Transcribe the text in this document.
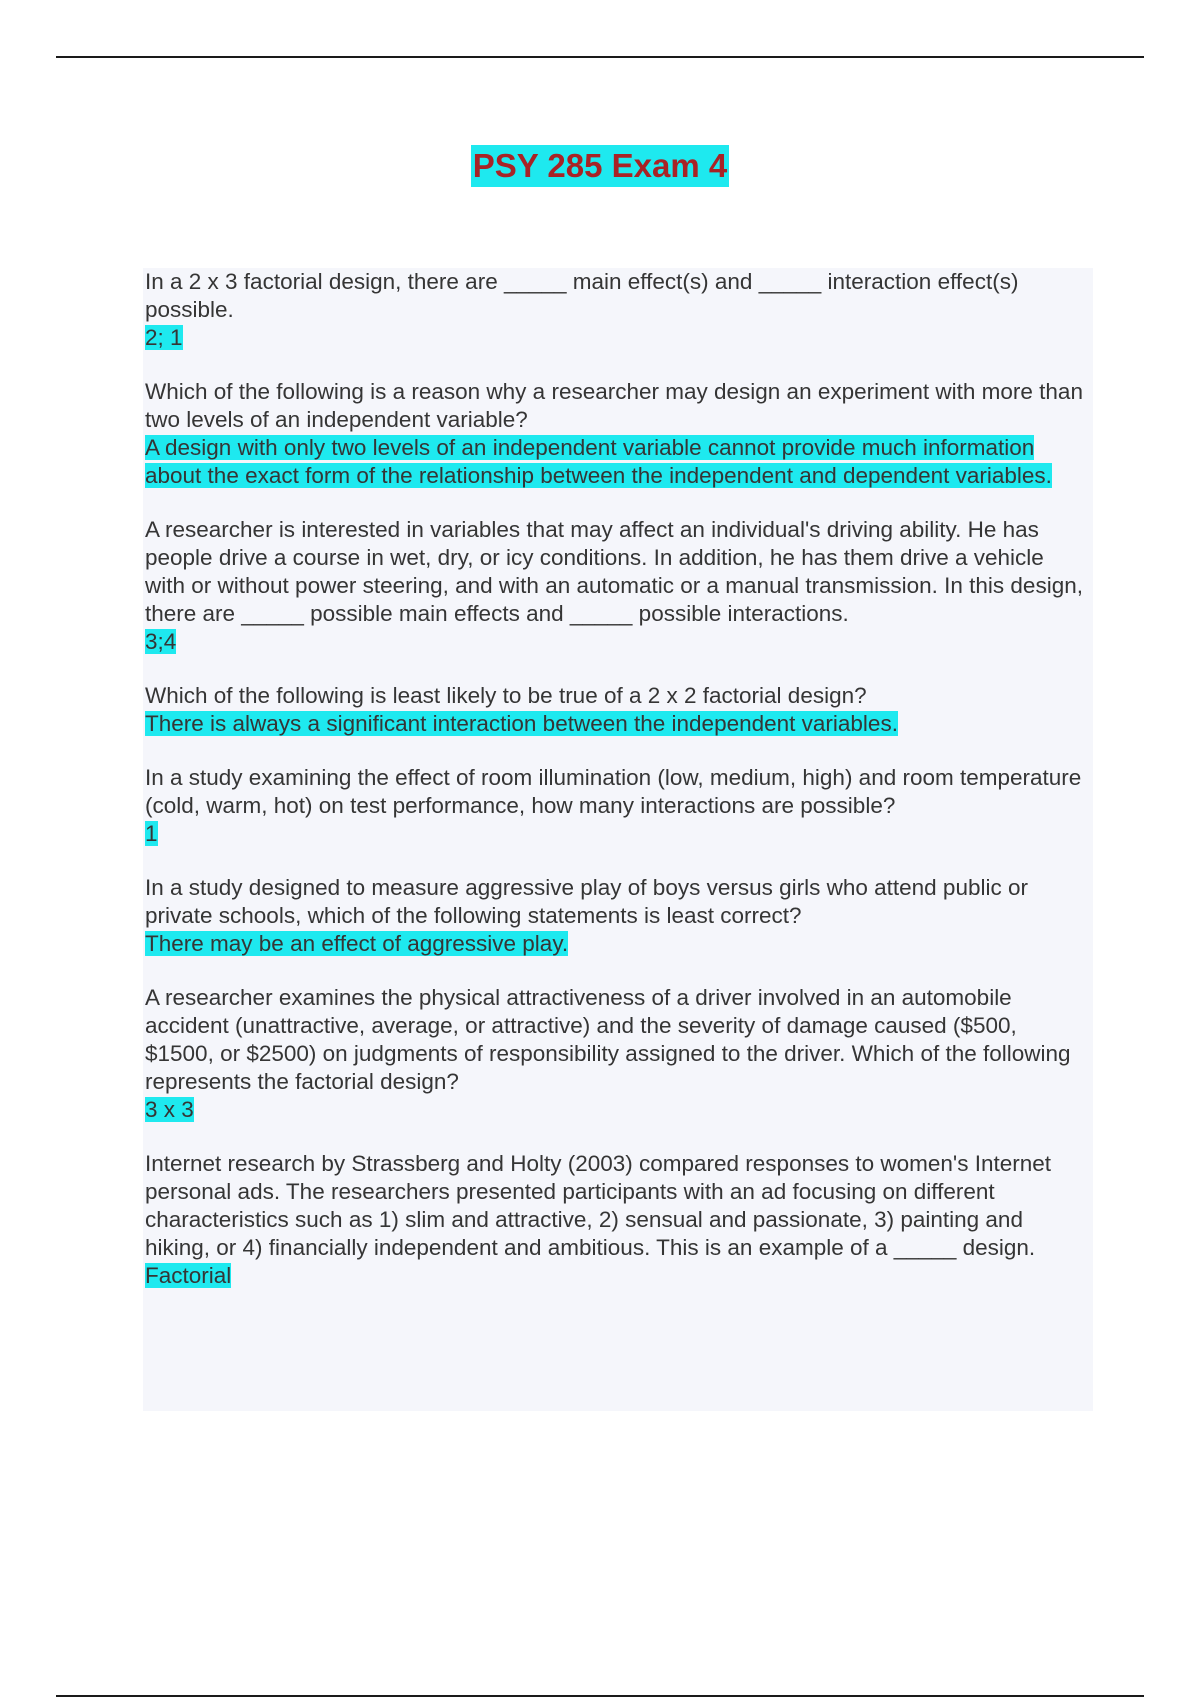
PSY 285 Exam 4
In a 2 x 3 factorial design, there are _____ main effect(s) and _____ interaction effect(s) possible.
2; 1
Which of the following is a reason why a researcher may design an experiment with more than two levels of an independent variable?
A design with only two levels of an independent variable cannot provide much information about the exact form of the relationship between the independent and dependent variables.
A researcher is interested in variables that may affect an individual's driving ability. He has people drive a course in wet, dry, or icy conditions. In addition, he has them drive a vehicle with or without power steering, and with an automatic or a manual transmission. In this design, there are _____ possible main effects and _____ possible interactions.
3;4
Which of the following is least likely to be true of a 2 x 2 factorial design?
There is always a significant interaction between the independent variables.
In a study examining the effect of room illumination (low, medium, high) and room temperature (cold, warm, hot) on test performance, how many interactions are possible?
1
In a study designed to measure aggressive play of boys versus girls who attend public or private schools, which of the following statements is least correct?
There may be an effect of aggressive play.
A researcher examines the physical attractiveness of a driver involved in an automobile accident (unattractive, average, or attractive) and the severity of damage caused ($500, $1500, or $2500) on judgments of responsibility assigned to the driver. Which of the following represents the factorial design?
3 x 3
Internet research by Strassberg and Holty (2003) compared responses to women's Internet personal ads. The researchers presented participants with an ad focusing on different characteristics such as 1) slim and attractive, 2) sensual and passionate, 3) painting and hiking, or 4) financially independent and ambitious. This is an example of a _____ design.
Factorial
